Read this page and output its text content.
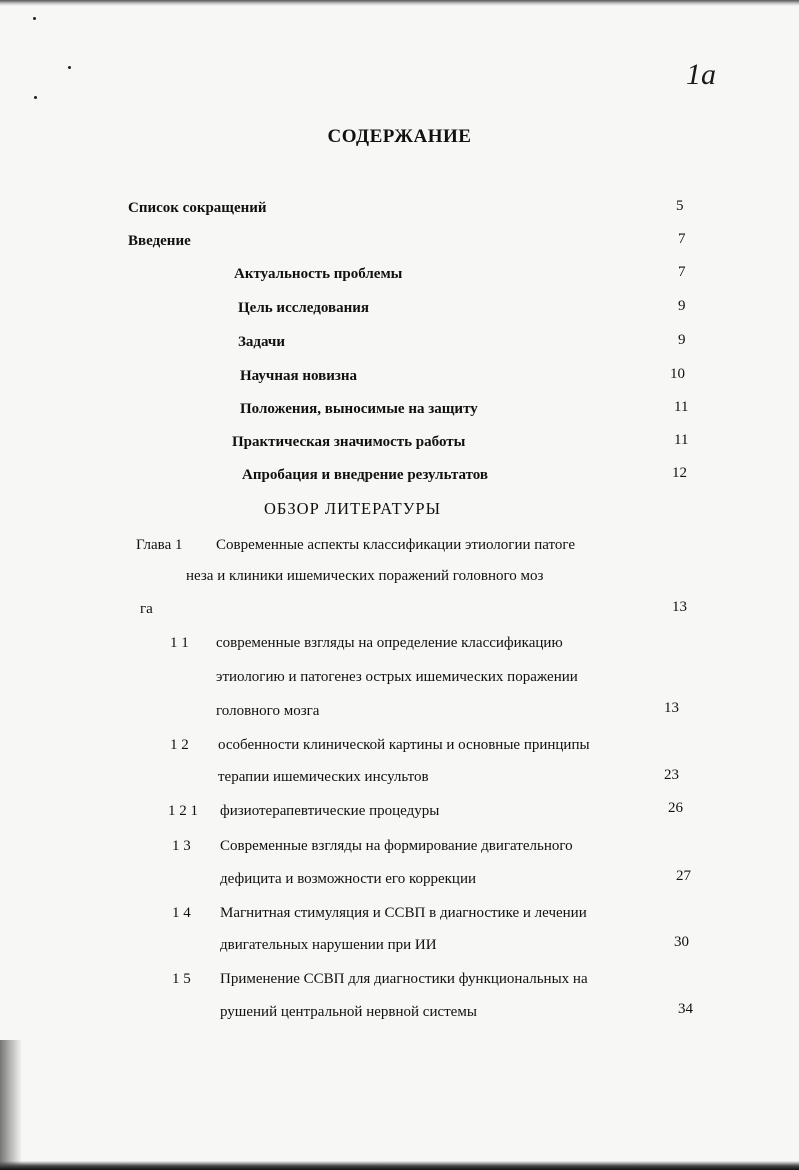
1а
СОДЕРЖАНИЕ
Список сокращений	5
Введение	7
Актуальность проблемы	7
Цель исследования	9
Задачи	9
Научная новизна	10
Положения, выносимые на защиту	11
Практическая значимость работы	11
Апробация и внедрение результатов	12
ОБЗОР ЛИТЕРАТУРЫ
Глава 1 Современные аспекты классификации этиологии патоге
неза и клиники ишемических поражений головного моз
га	13
1 1 современные взгляды на определение классификацию
этиологию и патогенез острых ишемических поражении
головного мозга	13
1 2 особенности клинической картины и основные принципы
терапии ишемических инсультов	23
1 2 1 физиотерапевтические процедуры	26
1 3 Современные взгляды на формирование двигательного
дефицита и возможности его коррекции	27
1 4 Магнитная стимуляция и ССВП в диагностике и лечении
двигательных нарушении при ИИ	30
1 5 Применение ССВП для диагностики функциональных на
рушений центральной нервной системы	34
